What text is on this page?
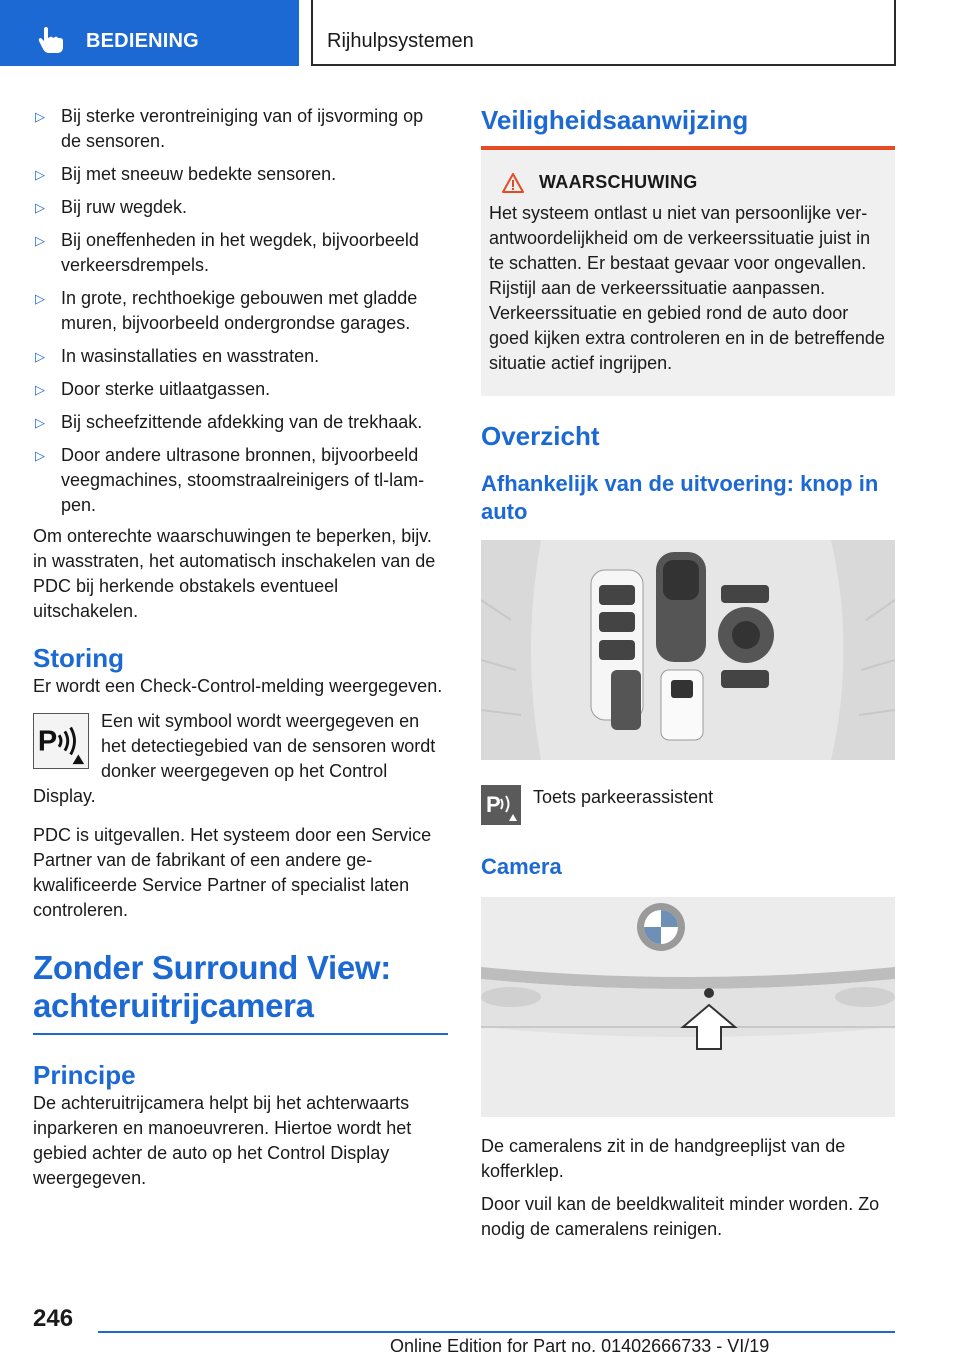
BEDIENING	Rijhulpsystemen
▷ Bij sterke verontreiniging van of ijsvorming op de sensoren.
▷ Bij met sneeuw bedekte sensoren.
▷ Bij ruw wegdek.
▷ Bij oneffenheden in het wegdek, bijvoorbeeld verkeersdrempels.
▷ In grote, rechthoekige gebouwen met gladde muren, bijvoorbeeld ondergrondse garages.
▷ In wasinstallaties en wasstraten.
▷ Door sterke uitlaatgassen.
▷ Bij scheefzittende afdekking van de trekhaak.
▷ Door andere ultrasone bronnen, bijvoorbeeld veegmachines, stoomstraalreinigers of tl-lampen.

Om onterechte waarschuwingen te beperken, bijv. in wasstraten, het automatisch inschakelen van de PDC bij herkende obstakels eventueel uitschakelen.

Storing

Er wordt een Check-Control-melding weergegeven.

P
Een wit symbool wordt weergegeven en het detectiegebied van de sensoren wordt donker weergegeven op het Control Display.

PDC is uitgevallen. Het systeem door een Service Partner van de fabrikant of een andere gekwalificeerde Service Partner of specialist laten controleren.

Zonder Surround View: achteruitrijcamera
Principe

De achteruitrijcamera helpt bij het achterwaarts inparkeren en manoeuvreren. Hiertoe wordt het gebied achter de auto op het Control Display weergegeven.

Veiligheidsaanwijzing
WAARSCHUWING

Het systeem ontlast u niet van persoonlijke verantwoordelijkheid om de verkeerssituatie juist in te schatten. Er bestaat gevaar voor ongevallen. Rijstijl aan de verkeerssituatie aanpassen. Verkeerssituatie en gebied rond de auto door goed kijken extra controleren en in de betreffende situatie actief ingrijpen.

Overzicht
Afhankelijk van de uitvoering: knop in auto
P Toets parkeerassistent
Camera

De cameralens zit in de handgreeplijst van de kofferklep.

Door vuil kan de beeldkwaliteit minder worden. Zo nodig de cameralens reinigen.

246
Online Edition for Part no. 01402666733 - VI/19
